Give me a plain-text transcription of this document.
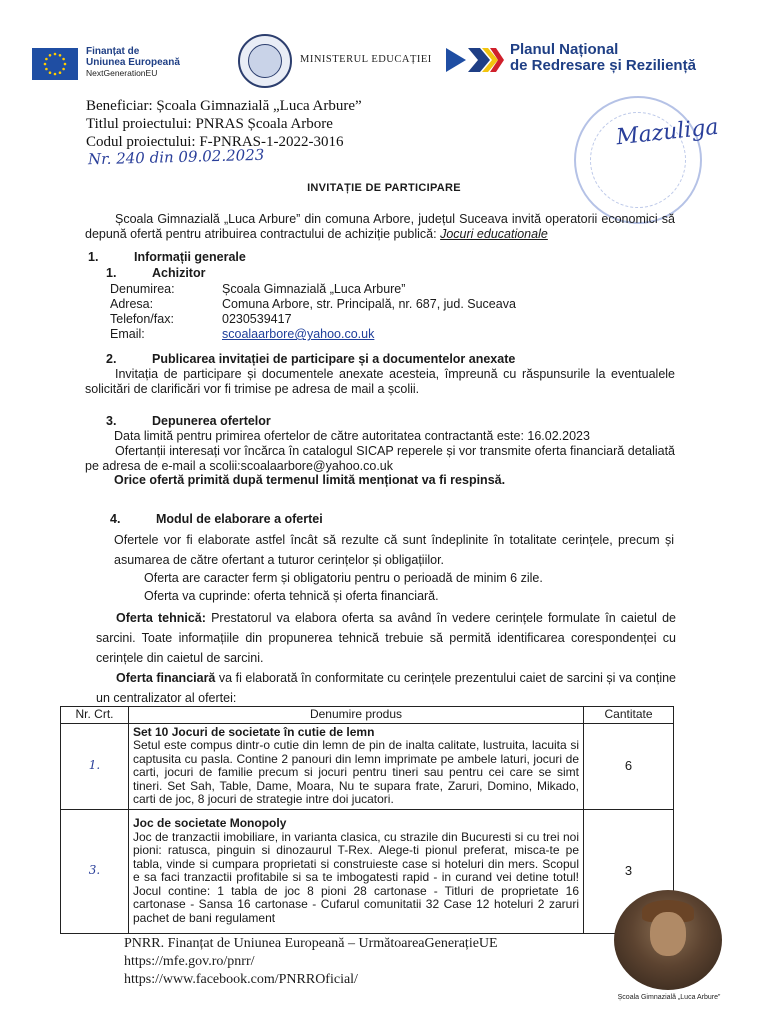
Finanțat de
Uniunea Europeană
NextGenerationEU
MINISTERUL EDUCAȚIEI
Planul Național
de Redresare și Reziliență
Beneficiar: Școala Gimnazială „Luca Arbure”
Titlul proiectului: PNRAS Școala Arbore
Codul proiectului: F-PNRAS-1-2022-3016
Nr. 240 din 09.02.2023
Mazuliga
INVITAȚIE DE PARTICIPARE
Școala Gimnazială „Luca Arbure” din comuna Arbore, județul Suceava invită operatorii economici să depună ofertă pentru atribuirea contractului de achiziție publică: Jocuri educationale
1.	Informații generale
1.	Achizitor
Denumirea:	Școala Gimnazială „Luca Arbure”
Adresa:	Comuna Arbore, str. Principală, nr. 687, jud. Suceava
Telefon/fax:	0230539417
Email:	scoalaarbore@yahoo.co.uk
2.	Publicarea invitației de participare și a documentelor anexate
Invitația de participare și documentele anexate acesteia, împreună cu răspunsurile la eventualele solicitări de clarificări vor fi trimise pe adresa de mail a școlii.
3.	Depunerea ofertelor
Data limită pentru primirea ofertelor de către autoritatea contractantă este: 16.02.2023
Ofertanții interesați vor încărca în catalogul SICAP reperele și vor transmite oferta financiară detaliată pe adresa de e-mail a scolii:scoalaarbore@yahoo.co.uk
Orice ofertă primită după termenul limită menționat va fi respinsă.
4.	Modul de elaborare a ofertei
Ofertele vor fi elaborate astfel încât să rezulte că sunt îndeplinite în totalitate cerințele, precum și asumarea de către ofertant a tuturor cerințelor și obligațiilor.
Oferta are caracter ferm și obligatoriu pentru o perioadă de minim 6 zile.
Oferta va cuprinde: oferta tehnică și oferta financiară.
Oferta tehnică: Prestatorul va elabora oferta sa având în vedere cerințele formulate în caietul de sarcini. Toate informațiile din propunerea tehnică trebuie să permită identificarea corespondenței cu cerințele din caietul de sarcini.
Oferta financiară va fi elaborată în conformitate cu cerințele prezentului caiet de sarcini și va conține un centralizator al ofertei:
Nr. Crt.	Denumire produs	Cantitate
1.	Set 10 Jocuri de societate în cutie de lemn
Setul este compus dintr-o cutie din lemn de pin de inalta calitate, lustruita, lacuita si captusita cu pasla. Contine 2 panouri din lemn imprimate pe ambele laturi, jocuri de carti, jocuri de familie precum si jocuri pentru tineri sau pentru cei care se simt tineri. Set Sah, Table, Dame, Moara, Nu te supara frate, Zaruri, Domino, Mikado, carti de joc, 8 jocuri de strategie intre doi jucatori.	6
3.	Joc de societate Monopoly
Joc de tranzactii imobiliare, in varianta clasica, cu strazile din Bucuresti si cu trei noi pioni: ratusca, pinguin si dinozaurul T-Rex. Alege-ti pionul preferat, misca-te pe tabla, vinde si cumpara proprietati si construieste case si hoteluri din mers. Scopul e sa faci tranzactii profitabile si sa te imbogatesti rapid - in curand vei detine totul! Jocul contine: 1 tabla de joc 8 pioni 28 cartonase - Titluri de proprietate 16 cartonase - Sansa 16 cartonase - Cufarul comunitatii 32 Case 12 hoteluri 2 zaruri pachet de bani regulament	3
PNRR. Finanțat de Uniunea Europeană – UrmătoareaGenerațieUE
https://mfe.gov.ro/pnrr/
https://www.facebook.com/PNRROficial/
Școala Gimnazială „Luca Arbure”
